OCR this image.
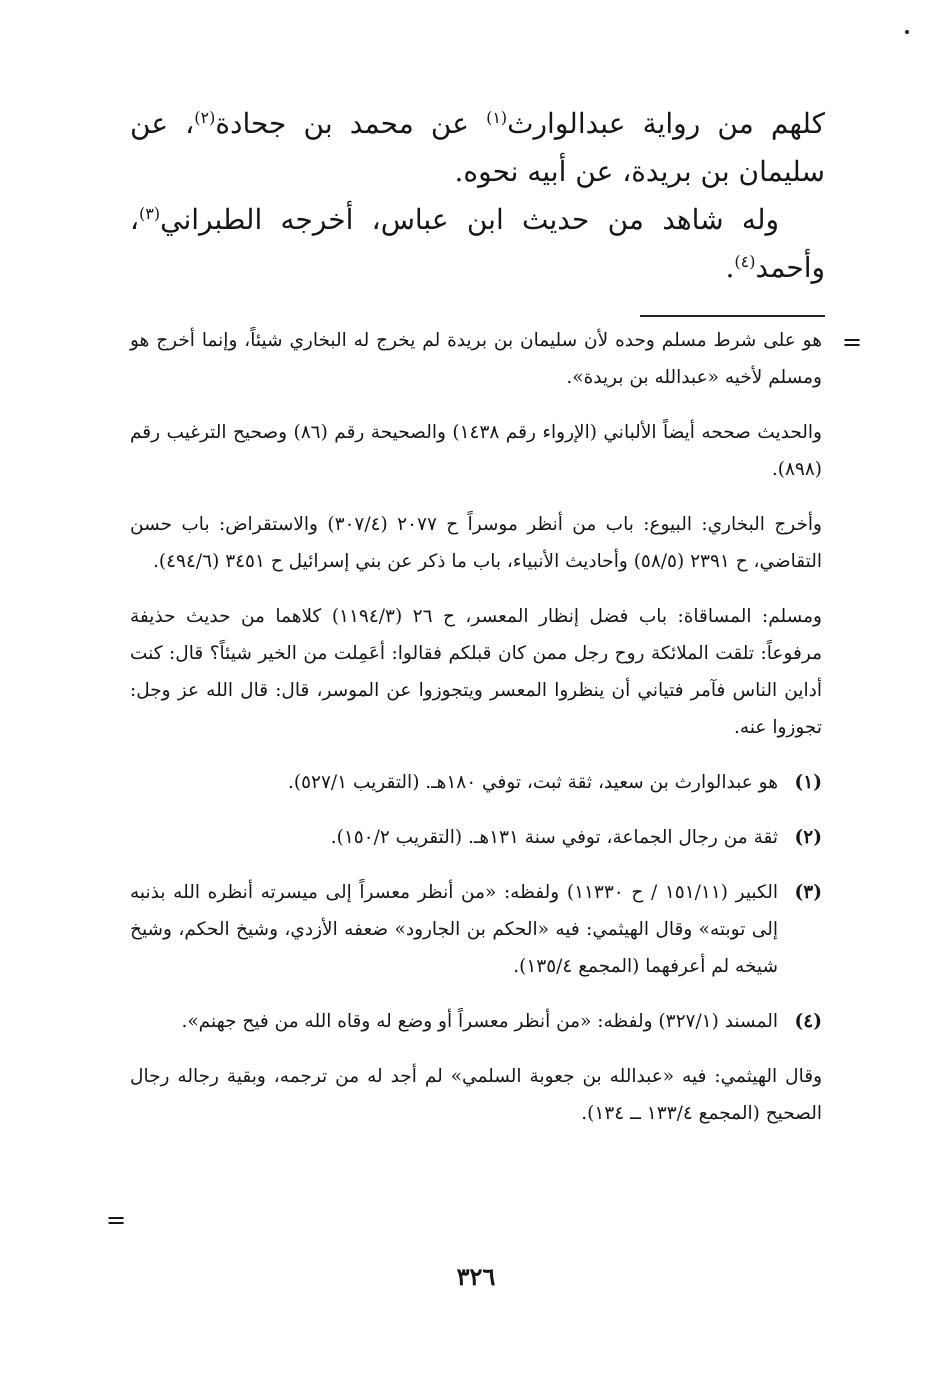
كلهم من رواية عبدالوارث$^{(١)}$ عن محمد بن جحادة$^{(٢)}$، عن سليمان بن بريدة، عن أبيه نحوه.

وله شاهد من حديث ابن عباس، أخرجه الطبراني$^{(٣)}$، وأحمد$^{(٤)}$.

=

هو على شرط مسلم وحده لأن سليمان بن بريدة لم يخرج له البخاري شيئاً، وإنما أخرج هو ومسلم لأخيه «عبدالله بن بريدة».

والحديث صححه أيضاً الألباني (الإرواء رقم ١٤٣٨) والصحيحة رقم (٨٦) وصحيح الترغيب رقم (٨٩٨).

وأخرج البخاري: البيوع: باب من أنظر موسراً ح ٢٠٧٧ (٣٠٧/٤) والاستقراض: باب حسن التقاضي، ح ٢٣٩١ (٥٨/٥) وأحاديث الأنبياء، باب ما ذكر عن بني إسرائيل ح ٣٤٥١ (٤٩٤/٦).

ومسلم: المساقاة: باب فضل إنظار المعسر، ح ٢٦ (١١٩٤/٣) كلاهما من حديث حذيفة مرفوعاً: تلقت الملائكة روح رجل ممن كان قبلكم فقالوا: أعَمِلت من الخير شيئاً؟ قال: كنت أداين الناس فآمر فتياني أن ينظروا المعسر ويتجوزوا عن الموسر، قال: قال الله عز وجل: تجوزوا عنه.

(١)
هو عبدالوارث بن سعيد، ثقة ثبت، توفي ١٨٠هـ. (التقريب ٥٢٧/١).
(٢)
ثقة من رجال الجماعة، توفي سنة ١٣١هـ. (التقريب ١٥٠/٢).
(٣)
الكبير (١٥١/١١ / ح ١١٣٣٠) ولفظه: «من أنظر معسراً إلى ميسرته أنظره الله بذنبه إلى توبته» وقال الهيثمي: فيه «الحكم بن الجارود» ضعفه الأزدي، وشيخ الحكم، وشيخ شيخه لم أعرفهما (المجمع ١٣٥/٤).
(٤)
المسند (٣٢٧/١) ولفظه: «من أنظر معسراً أو وضع له وقاه الله من فيح جهنم».

وقال الهيثمي: فيه «عبدالله بن جعوبة السلمي» لم أجد له من ترجمه، وبقية رجاله رجال الصحيح (المجمع ١٣٣/٤ ــ ١٣٤).

=
٣٢٦
